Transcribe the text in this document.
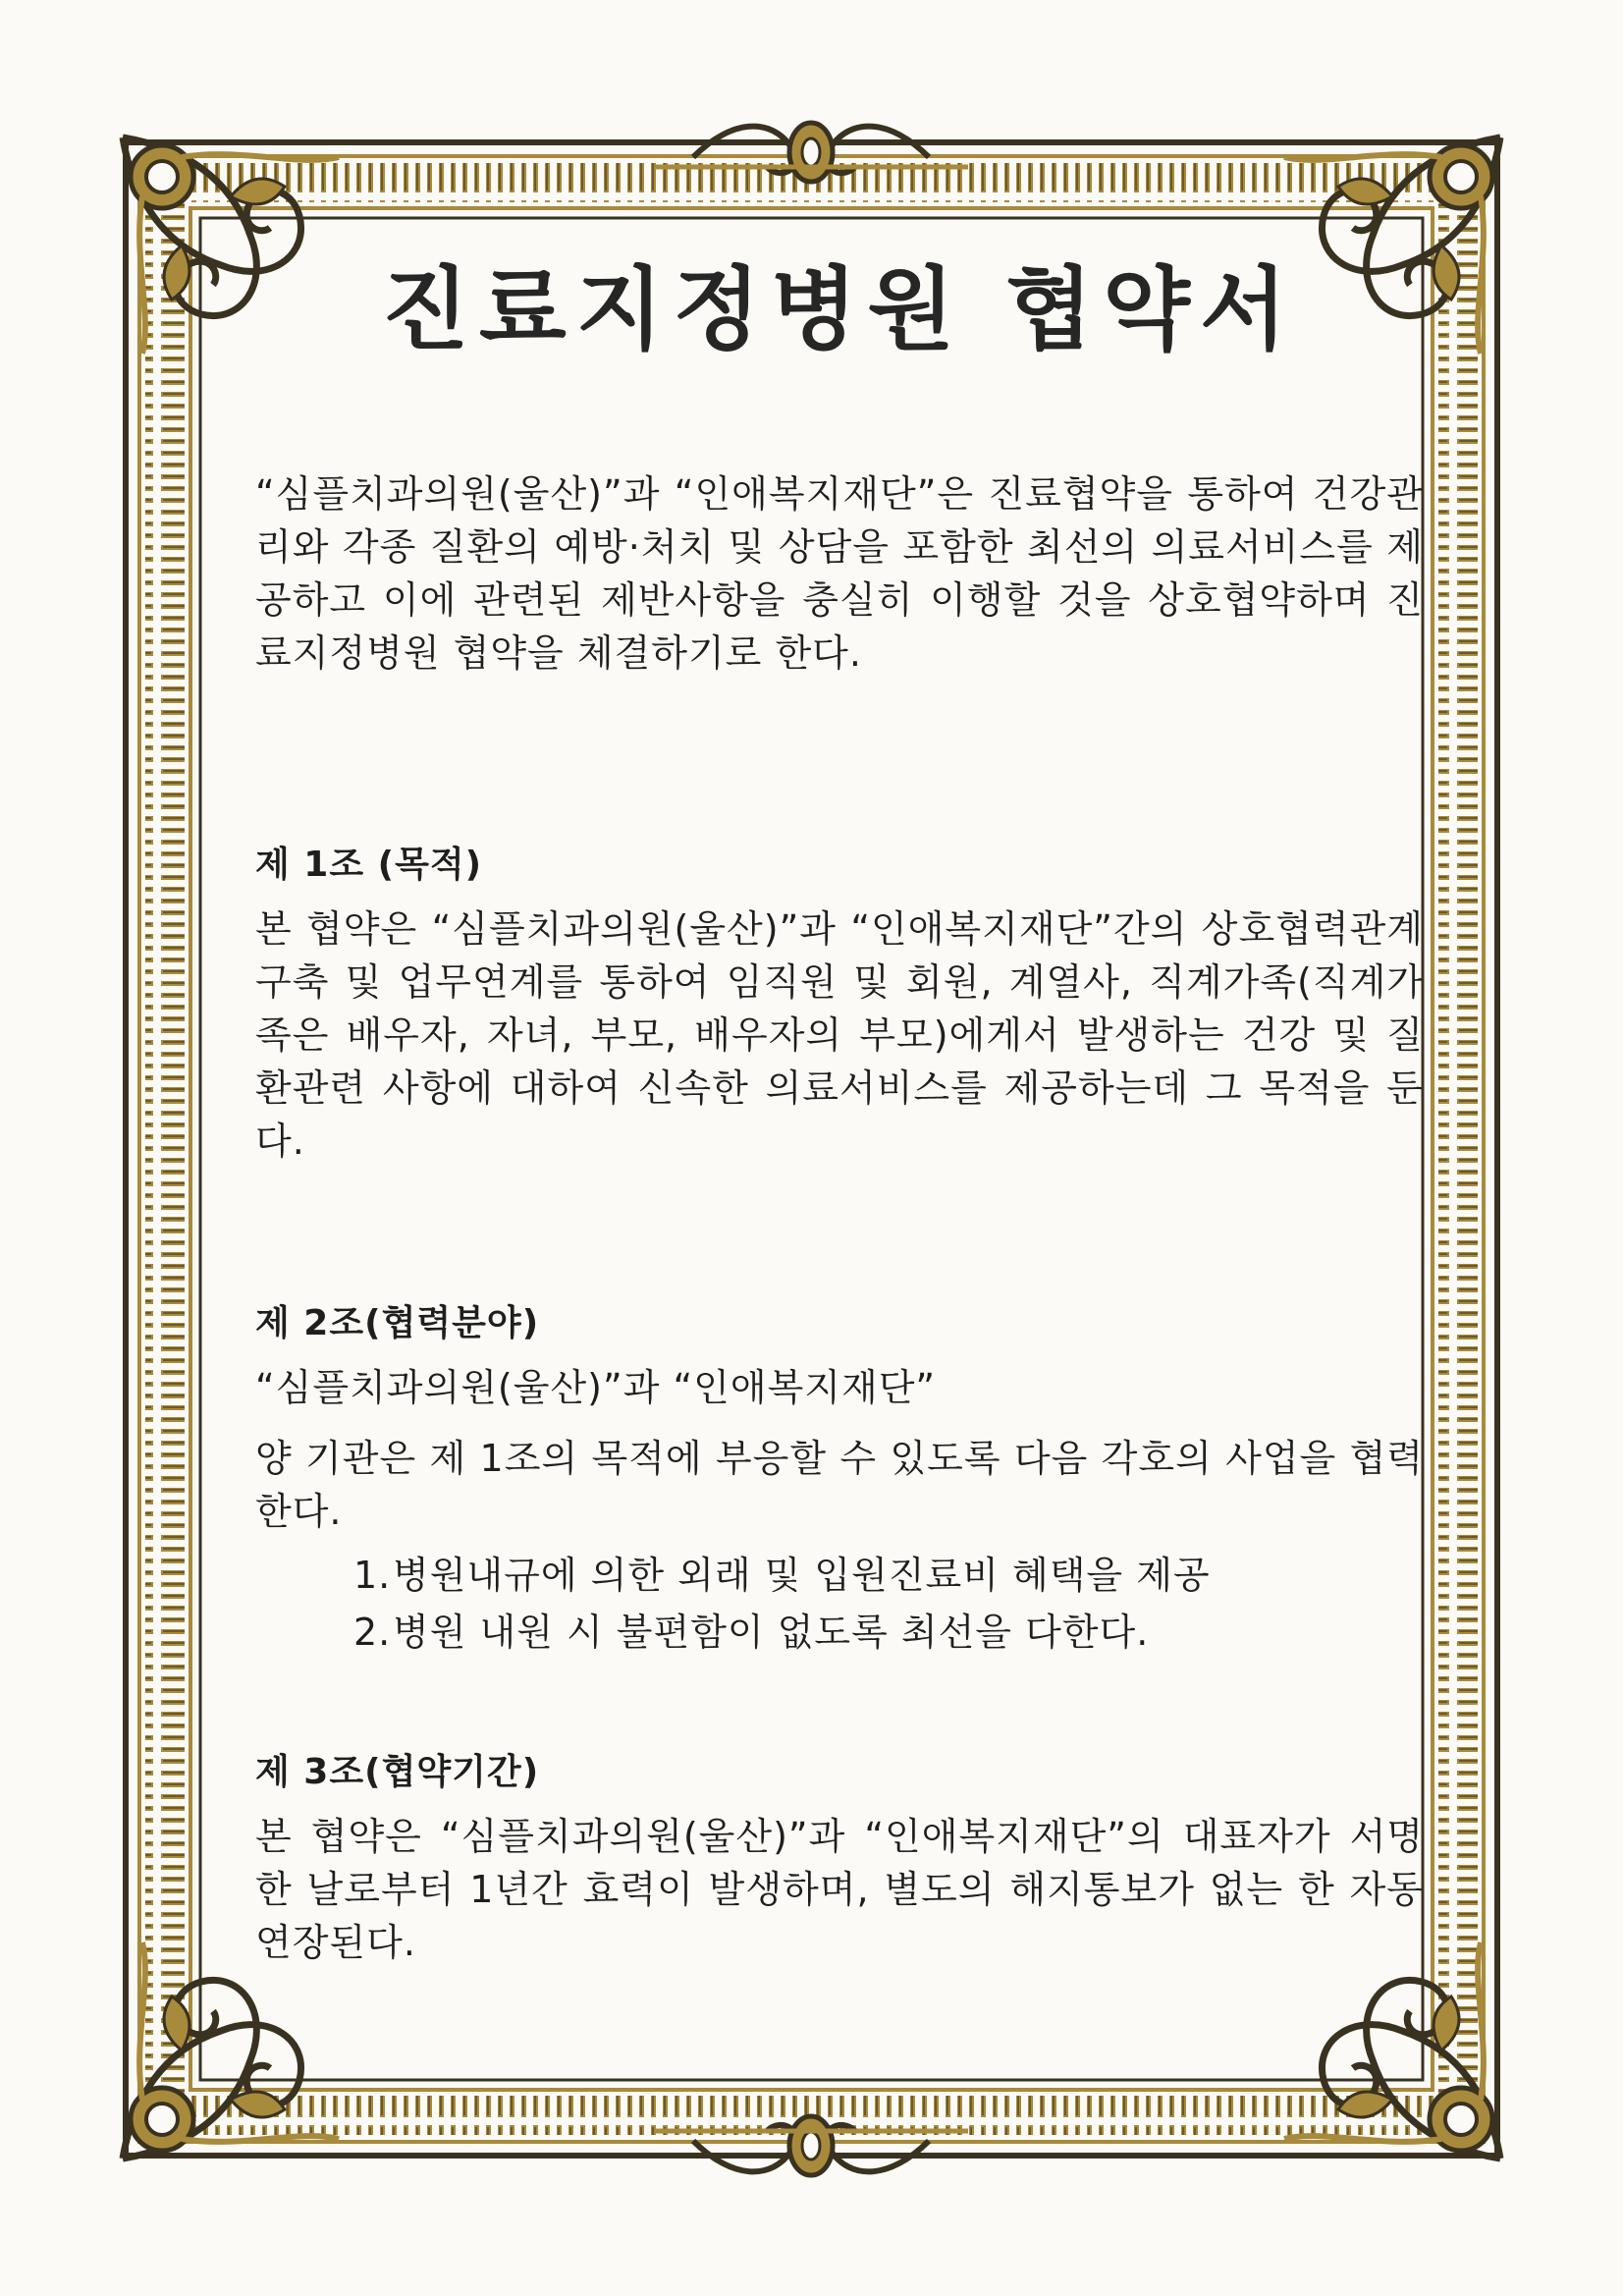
진료지정병원 협약서

“심플치과의원(울산)”과 “인애복지재단”은 진료협약을 통하여 건강관리와 각종 질환의 예방·처치 및 상담을 포함한 최선의 의료서비스를 제공하고 이에 관련된 제반사항을 충실히 이행할 것을 상호협약하며 진료지정병원 협약을 체결하기로 한다.

제 1조 (목적)

본 협약은 “심플치과의원(울산)”과 “인애복지재단”간의 상호협력관계 구축 및 업무연계를 통하여 임직원 및 회원, 계열사, 직계가족(직계가족은 배우자, 자녀, 부모, 배우자의 부모)에게서 발생하는 건강 및 질환관련 사항에 대하여 신속한 의료서비스를 제공하는데 그 목적을 둔다.

제 2조(협력분야)

“심플치과의원(울산)”과 “인애복지재단”

양 기관은 제 1조의 목적에 부응할 수 있도록 다음 각호의 사업을 협력한다.

1. 병원내규에 의한 외래 및 입원진료비 혜택을 제공
2. 병원 내원 시 불편함이 없도록 최선을 다한다.
제 3조(협약기간)

본 협약은 “심플치과의원(울산)”과 “인애복지재단”의 대표자가 서명한 날로부터 1년간 효력이 발생하며, 별도의 해지통보가 없는 한 자동 연장된다.
